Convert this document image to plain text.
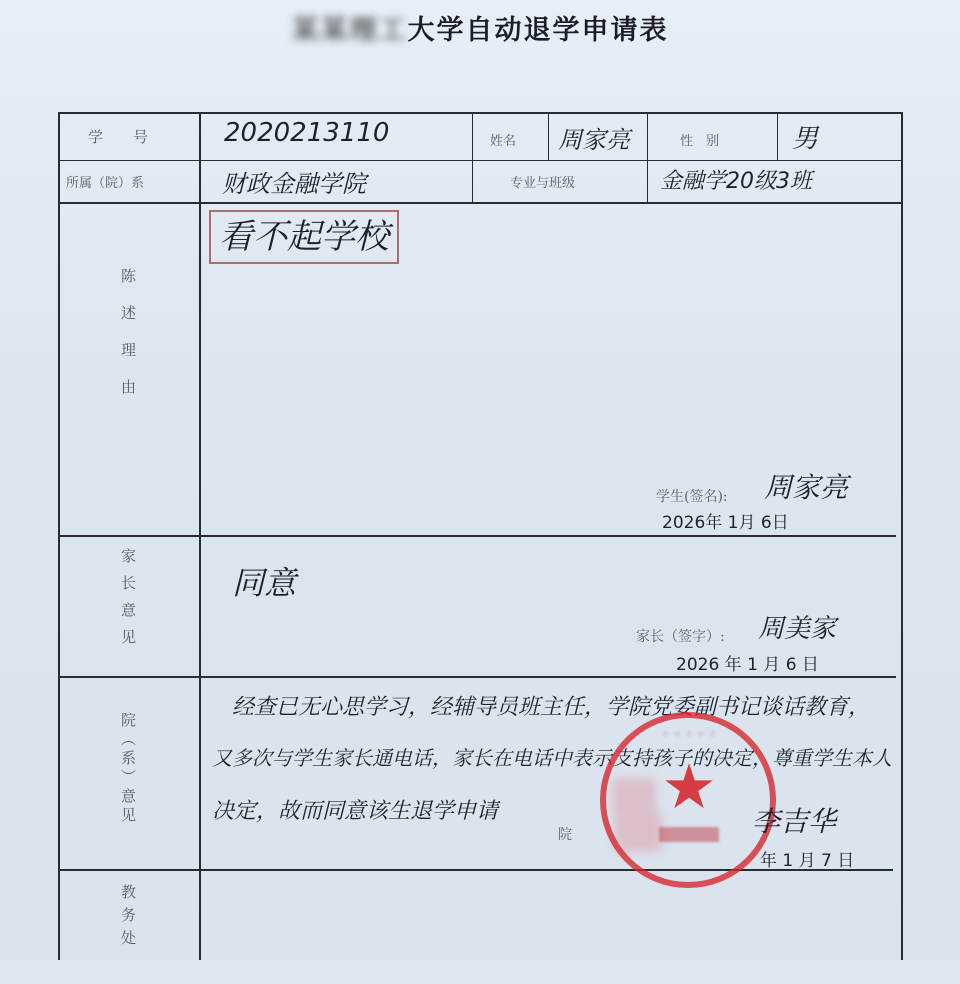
某某理工大学自动退学申请表
学　　号	2020213110	姓名 周家亮	性　别	男
所属（院）系	财政金融学院	专业与班级	金融学20级3班
陈述理由
看不起学校
学生(签名): 周家亮
2026年 1月 6日
家长意见	同意
家长（签字）: 周美家
2026 年 1 月 6 日
院（系）意见
经查已无心思学习，经辅导员班主任，学院党委副书记谈话教育，
又多次与学生家长通电话，家长在电话中表示支持孩子的决定，尊重学生本人
决定，故而同意该生退学申请
院
◦ ◦ ◦ ◦ ◦
★
▒▒▒▒▒▒	李吉华
年 1 月 7 日
教务处
